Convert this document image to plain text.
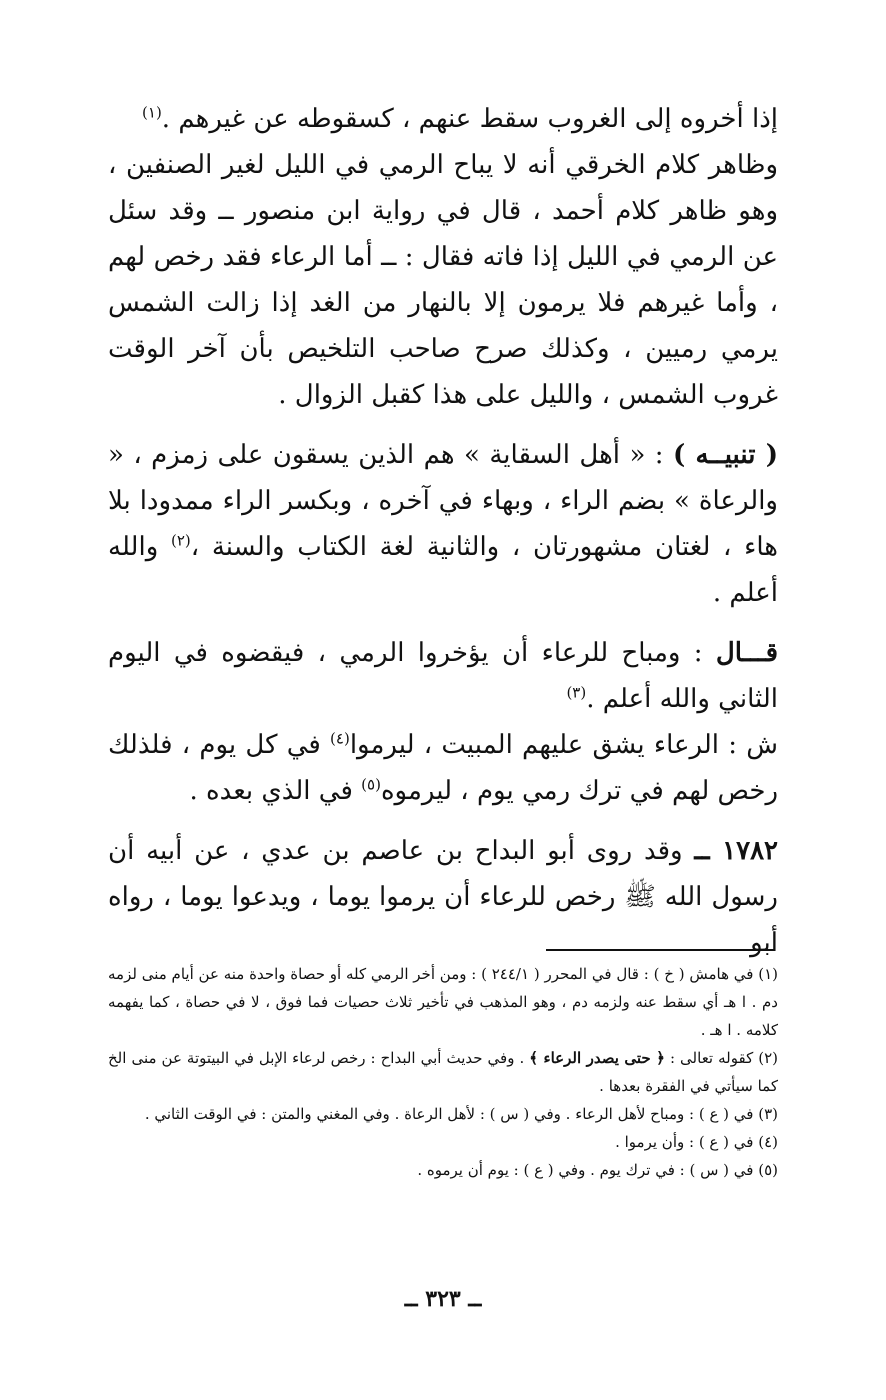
إذا أخروه إلى الغروب سقط عنهم ، كسقوطه عن غيرهم .$^{(١)}$

وظاهر كلام الخرقي أنه لا يباح الرمي في الليل لغير الصنفين ، وهو ظاهر كلام أحمد ، قال في رواية ابن منصور ــ وقد سئل عن الرمي في الليل إذا فاته فقال : ــ أما الرعاء فقد رخص لهم ، وأما غيرهم فلا يرمون إلا بالنهار من الغد إذا زالت الشمس يرمي رميين ، وكذلك صرح صاحب التلخيص بأن آخر الوقت غروب الشمس ، والليل على هذا كقبل الزوال .

( تنبيــه ) : « أهل السقاية » هم الذين يسقون على زمزم ، « والرعاة » بضم الراء ، وبهاء في آخره ، وبكسر الراء ممدودا بلا هاء ، لغتان مشهورتان ، والثانية لغة الكتاب والسنة ،$^{(٢)}$ والله أعلم .

قـــال : ومباح للرعاء أن يؤخروا الرمي ، فيقضوه في اليوم الثاني والله أعلم .$^{(٣)}$

ش : الرعاء يشق عليهم المبيت ، ليرموا$^{(٤)}$ في كل يوم ، فلذلك رخص لهم في ترك رمي يوم ، ليرموه$^{(٥)}$ في الذي بعده .

١٧٨٢ ــ وقد روى أبو البداح بن عاصم بن عدي ، عن أبيه أن رسول الله ﷺ رخص للرعاء أن يرموا يوما ، ويدعوا يوما ، رواه أبو

(١) في هامش ( خ ) : قال في المحرر ( ٢٤٤/١ ) : ومن أخر الرمي كله أو حصاة واحدة منه عن أيام منى لزمه دم . ا هـ أي سقط عنه ولزمه دم ، وهو المذهب في تأخير ثلاث حصيات فما فوق ، لا في حصاة ، كما يفهمه كلامه . ا هـ .

(٢) كقوله تعالى : ﴿ حتى يصدر الرعاء ﴾ . وفي حديث أبي البداح : رخص لرعاء الإبل في البيتوتة عن منى الخ كما سيأتي في الفقرة بعدها .

(٣) في ( ع ) : ومباح لأهل الرعاء . وفي ( س ) : لأهل الرعاة . وفي المغني والمتن : في الوقت الثاني .

(٤) في ( ع ) : وأن يرموا .

(٥) في ( س ) : في ترك يوم . وفي ( ع ) : يوم أن يرموه .

ــ ٣٢٣ ــ
